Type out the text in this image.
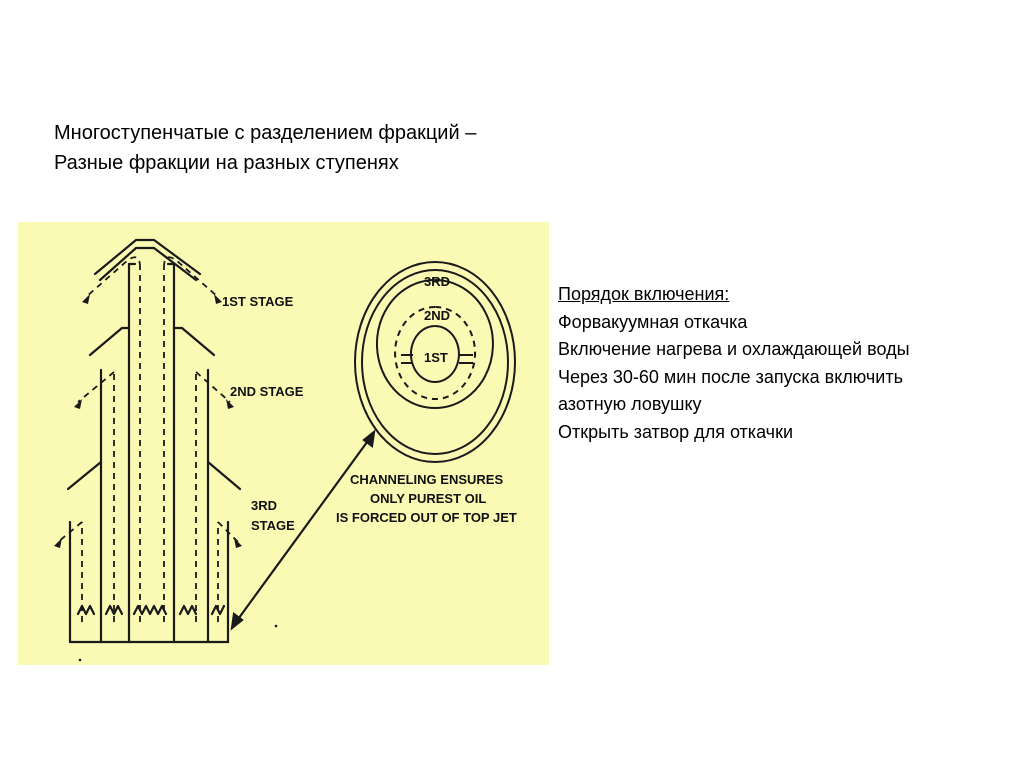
Многоступенчатые с разделением фракций –
Разные фракции на разных ступенях
1ST STAGE
2ND STAGE
3RD
STAGE
3RD
2ND
1ST
CHANNELING ENSURES
ONLY PUREST OIL
IS FORCED OUT OF TOP JET
Порядок включения:
Форвакуумная откачка
Включение нагрева и охлаждающей воды
Через 30-60 мин после запуска включить
азотную ловушку
Открыть затвор для откачки
